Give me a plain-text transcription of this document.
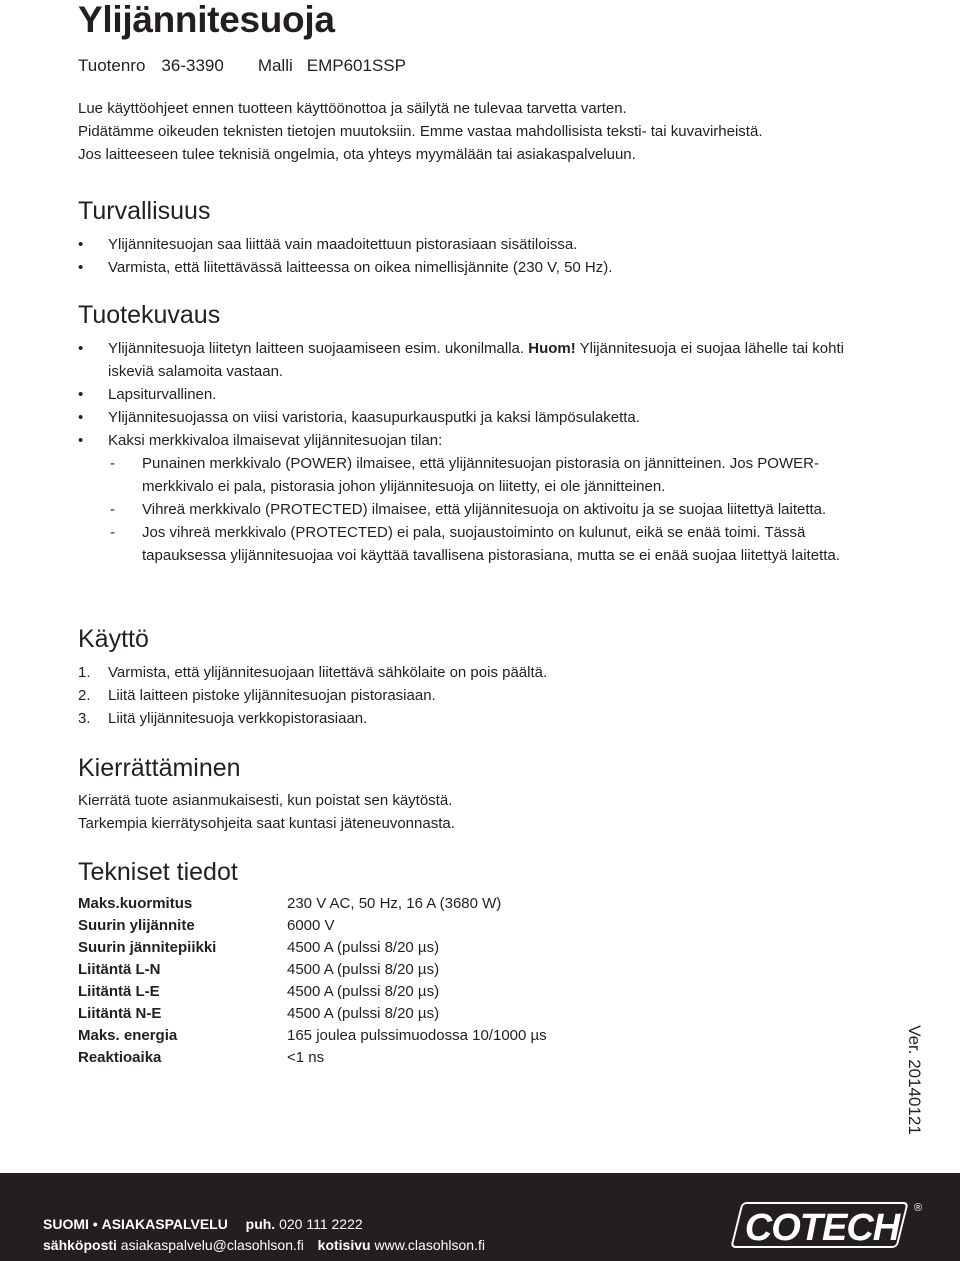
Ylijännitesuoja
Tuotenro 36-3390 Malli EMP601SSP
Lue käyttöohjeet ennen tuotteen käyttöönottoa ja säilytä ne tulevaa tarvetta varten.
Pidätämme oikeuden teknisten tietojen muutoksiin. Emme vastaa mahdollisista teksti- tai kuvavirheistä.
Jos laitteeseen tulee teknisiä ongelmia, ota yhteys myymälään tai asiakaspalveluun.
Turvallisuus
• Ylijännitesuojan saa liittää vain maadoitettuun pistorasiaan sisätiloissa.
• Varmista, että liitettävässä laitteessa on oikea nimellisjännite (230 V, 50 Hz).
Tuotekuvaus
• Ylijännitesuoja liitetyn laitteen suojaamiseen esim. ukonilmalla. Huom! Ylijännitesuoja ei suojaa lähelle tai kohti iskeviä salamoita vastaan.
• Lapsiturvallinen.
• Ylijännitesuojassa on viisi varistoria, kaasupurkausputki ja kaksi lämpösulaketta.
• Kaksi merkkivaloa ilmaisevat ylijännitesuojan tilan:
- Punainen merkkivalo (POWER) ilmaisee, että ylijännitesuojan pistorasia on jännitteinen. Jos POWER-merkkivalo ei pala, pistorasia johon ylijännitesuoja on liitetty, ei ole jännitteinen.
- Vihreä merkkivalo (PROTECTED) ilmaisee, että ylijännitesuoja on aktivoitu ja se suojaa liitettyä laitetta.
- Jos vihreä merkkivalo (PROTECTED) ei pala, suojaustoiminto on kulunut, eikä se enää toimi. Tässä tapauksessa ylijännitesuojaa voi käyttää tavallisena pistorasiana, mutta se ei enää suojaa liitettyä laitetta.
Käyttö
1. Varmista, että ylijännitesuojaan liitettävä sähkölaite on pois päältä.
2. Liitä laitteen pistoke ylijännitesuojan pistorasiaan.
3. Liitä ylijännitesuoja verkkopistorasiaan.
Kierrättäminen
Kierrätä tuote asianmukaisesti, kun poistat sen käytöstä.
Tarkempia kierrätysohjeita saat kuntasi jäteneuvonnasta.
Tekniset tiedot
Maks.kuormitus	230 V AC, 50 Hz, 16 A (3680 W)
Suurin ylijännite	6000 V
Suurin jännitepiikki	4500 A (pulssi 8/20 µs)
Liitäntä L-N	4500 A (pulssi 8/20 µs)
Liitäntä L-E	4500 A (pulssi 8/20 µs)
Liitäntä N-E	4500 A (pulssi 8/20 µs)
Maks. energia	165 joulea pulssimuodossa 10/1000 µs
Reaktioaika	<1 ns	Ver. 20140121
SUOMI • ASIAKASPALVELU puh. 020 111 2222
sähköposti asiakaspalvelu@clasohlson.fi kotisivu www.clasohlson.fi	COTECH ®
